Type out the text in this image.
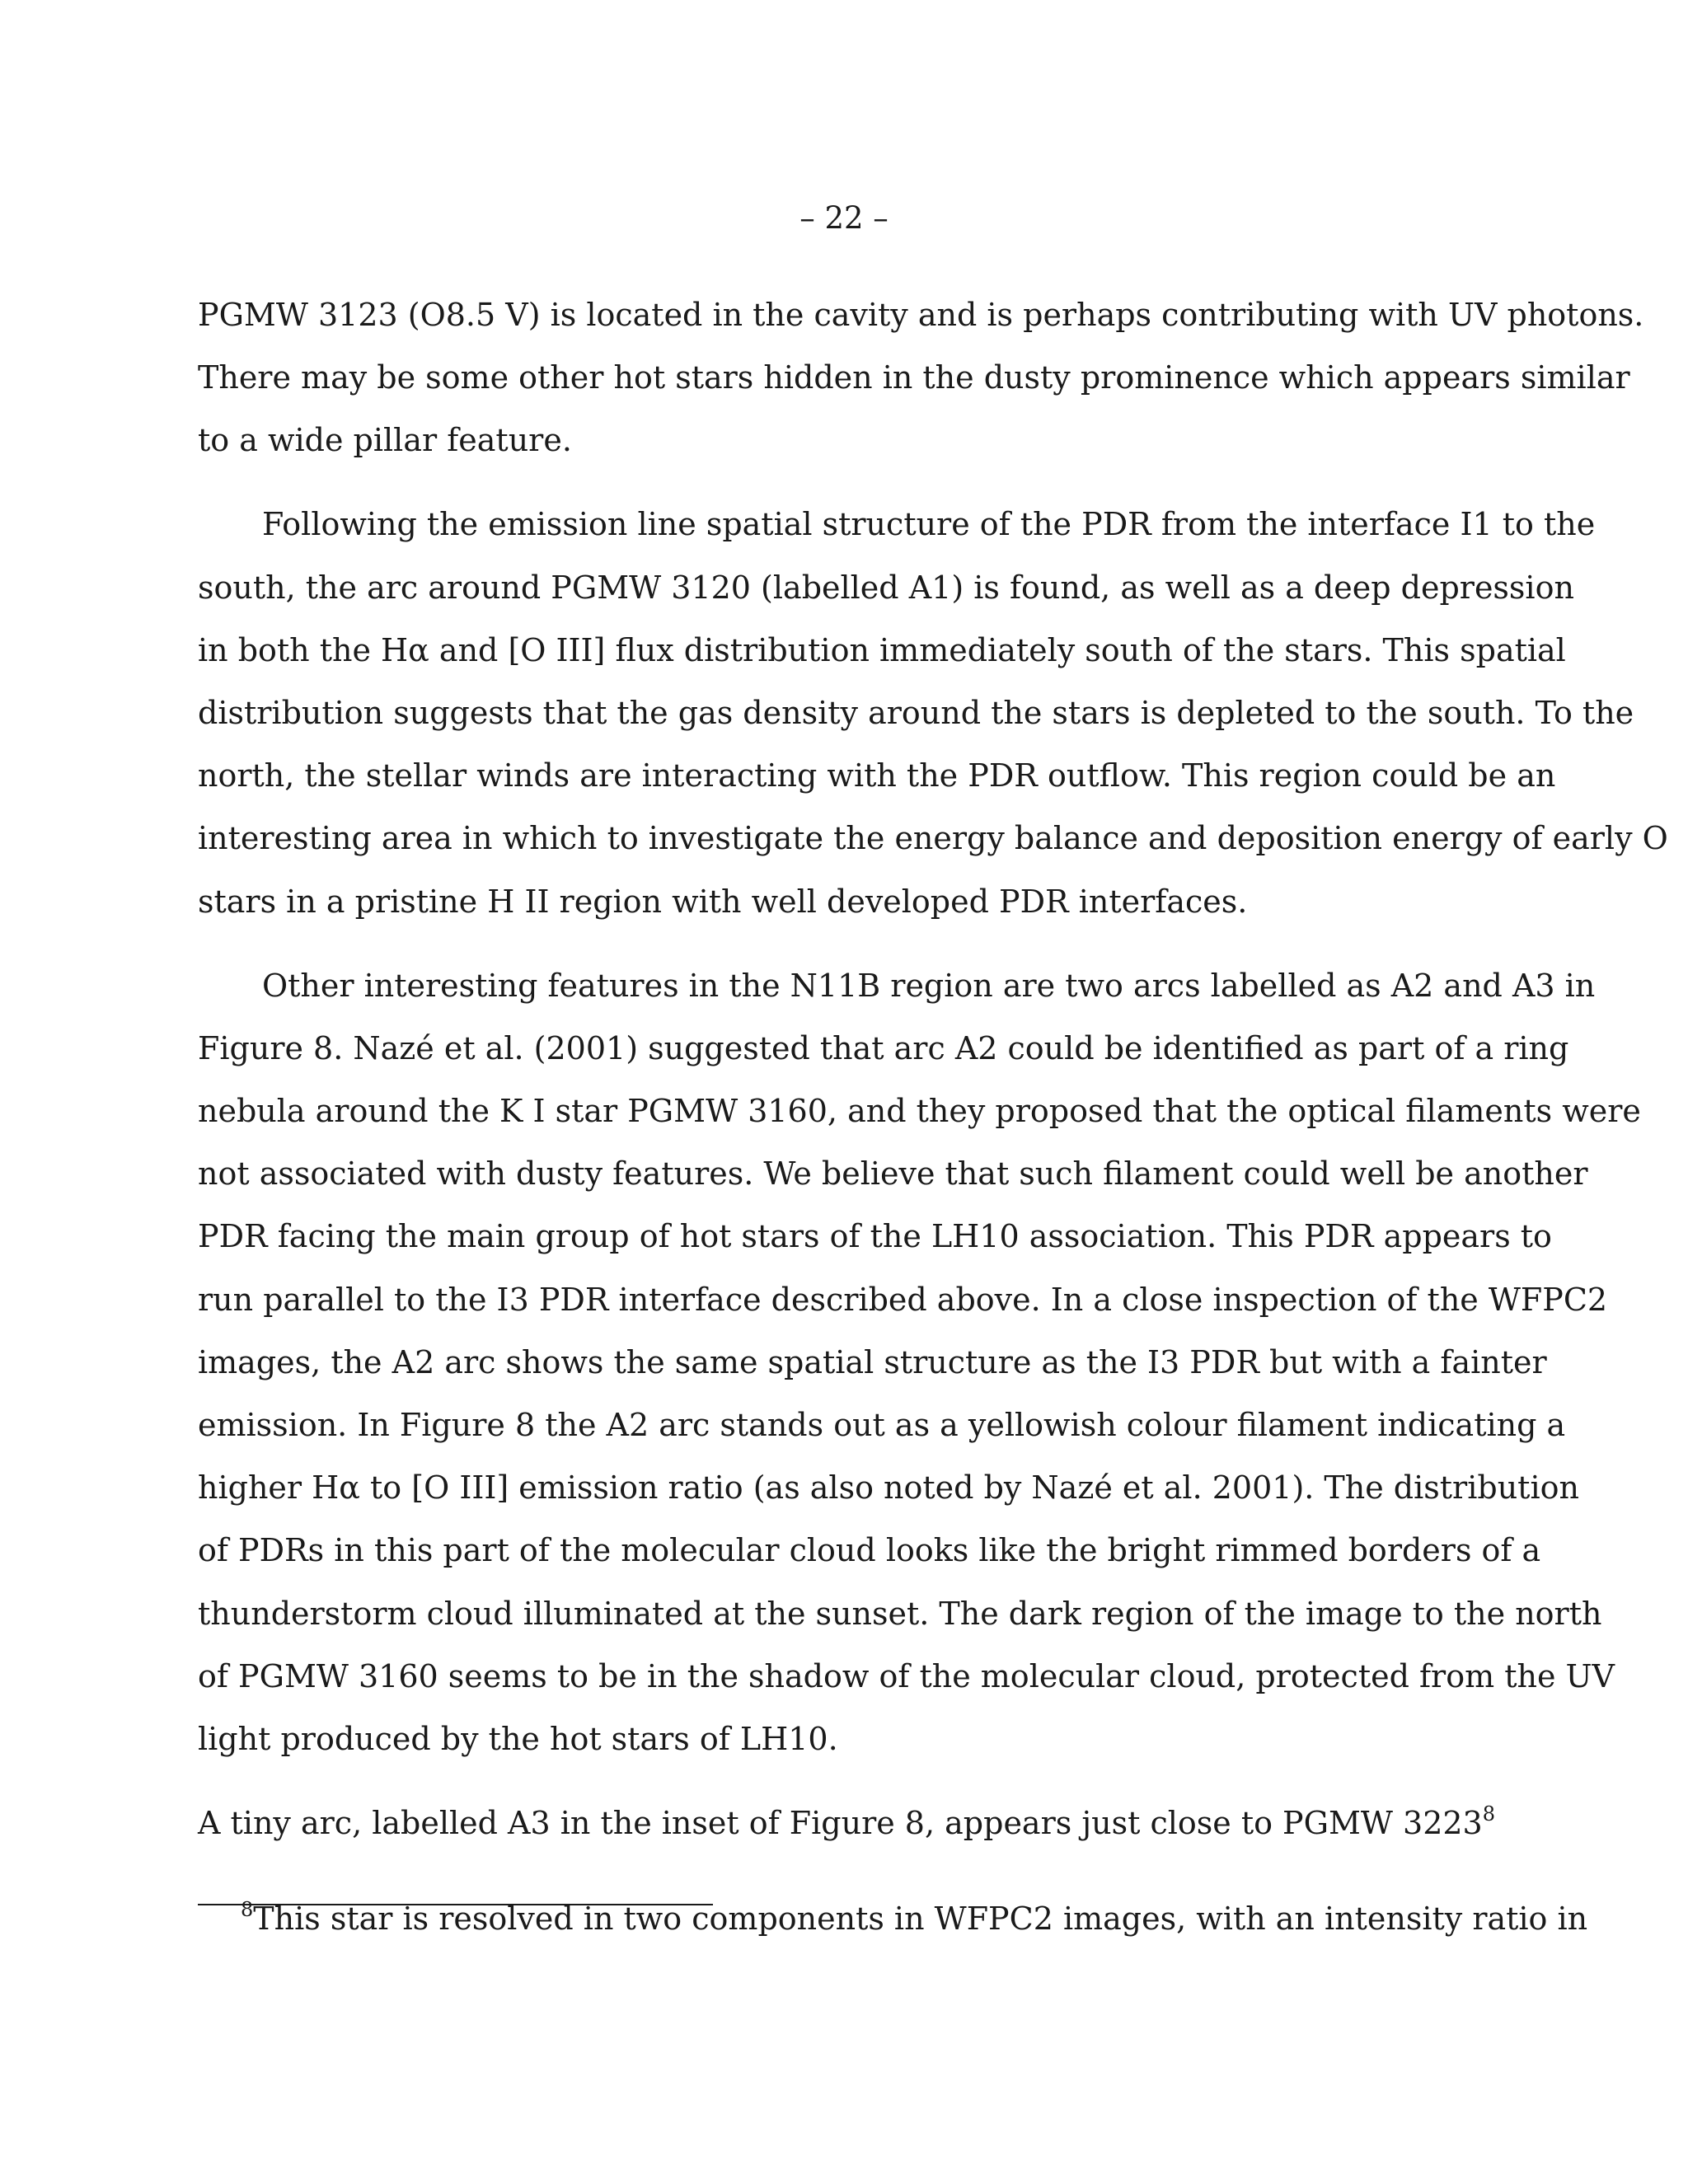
– 22 –
PGMW 3123 (O8.5 V) is located in the cavity and is perhaps contributing with UV photons.
There may be some other hot stars hidden in the dusty prominence which appears similar
to a wide pillar feature.
Following the emission line spatial structure of the PDR from the interface I1 to the
south, the arc around PGMW 3120 (labelled A1) is found, as well as a deep depression
in both the Hα and [O III] flux distribution immediately south of the stars. This spatial
distribution suggests that the gas density around the stars is depleted to the south. To the
north, the stellar winds are interacting with the PDR outflow. This region could be an
interesting area in which to investigate the energy balance and deposition energy of early O
stars in a pristine H II region with well developed PDR interfaces.
Other interesting features in the N11B region are two arcs labelled as A2 and A3 in
Figure 8. Nazé et al. (2001) suggested that arc A2 could be identified as part of a ring
nebula around the K I star PGMW 3160, and they proposed that the optical filaments were
not associated with dusty features. We believe that such filament could well be another
PDR facing the main group of hot stars of the LH10 association. This PDR appears to
run parallel to the I3 PDR interface described above. In a close inspection of the WFPC2
images, the A2 arc shows the same spatial structure as the I3 PDR but with a fainter
emission. In Figure 8 the A2 arc stands out as a yellowish colour filament indicating a
higher Hα to [O III] emission ratio (as also noted by Nazé et al. 2001). The distribution
of PDRs in this part of the molecular cloud looks like the bright rimmed borders of a
thunderstorm cloud illuminated at the sunset. The dark region of the image to the north
of PGMW 3160 seems to be in the shadow of the molecular cloud, protected from the UV
light produced by the hot stars of LH10.
A tiny arc, labelled A3 in the inset of Figure 8, appears just close to PGMW 3223$^8$
$^8$This star is resolved in two components in WFPC2 images, with an intensity ratio in
